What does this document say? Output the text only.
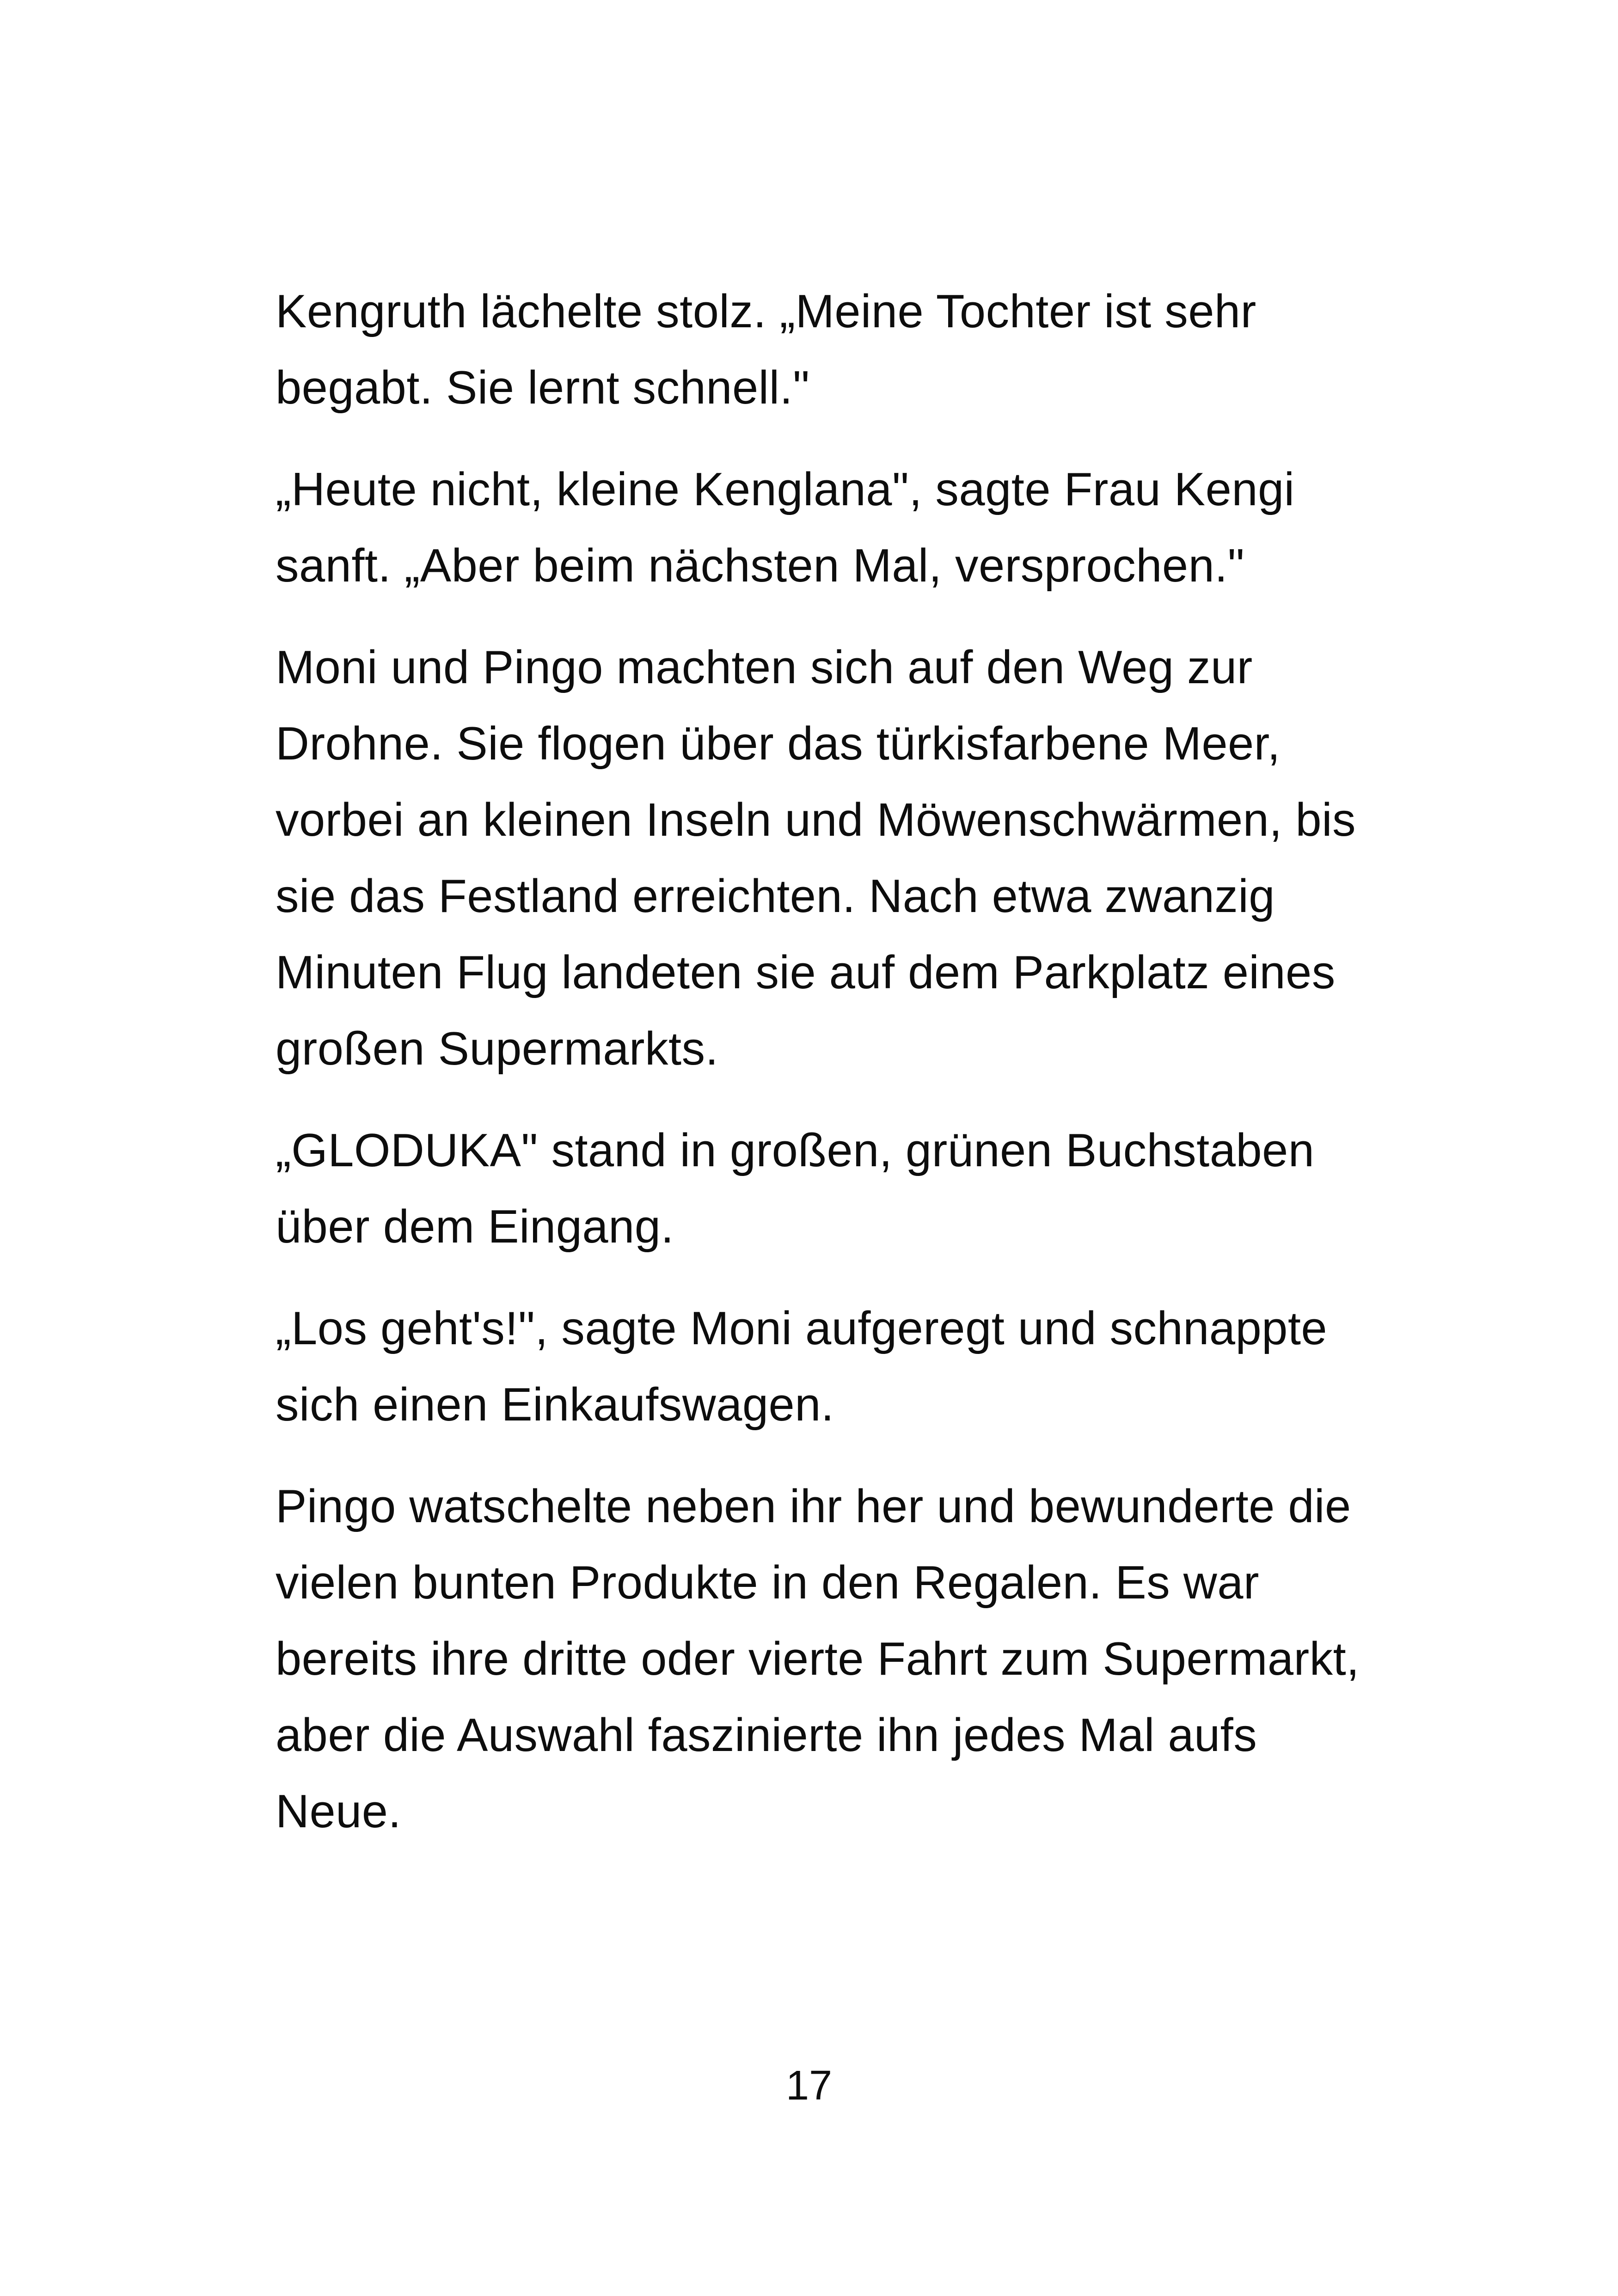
Kengruth lächelte stolz. „Meine Tochter ist sehr begabt. Sie lernt schnell."

„Heute nicht, kleine Kenglana", sagte Frau Kengi sanft. „Aber beim nächsten Mal, versprochen."

Moni und Pingo machten sich auf den Weg zur Drohne. Sie flogen über das türkisfarbene Meer, vorbei an kleinen Inseln und Möwenschwärmen, bis sie das Festland erreichten. Nach etwa zwanzig Minuten Flug landeten sie auf dem Parkplatz eines großen Supermarkts.

„GLODUKA" stand in großen, grünen Buchstaben über dem Eingang.

„Los geht's!", sagte Moni aufgeregt und schnappte sich einen Einkaufswagen.

Pingo watschelte neben ihr her und bewunderte die vielen bunten Produkte in den Regalen. Es war bereits ihre dritte oder vierte Fahrt zum Supermarkt, aber die Auswahl faszinierte ihn jedes Mal aufs Neue.

17
